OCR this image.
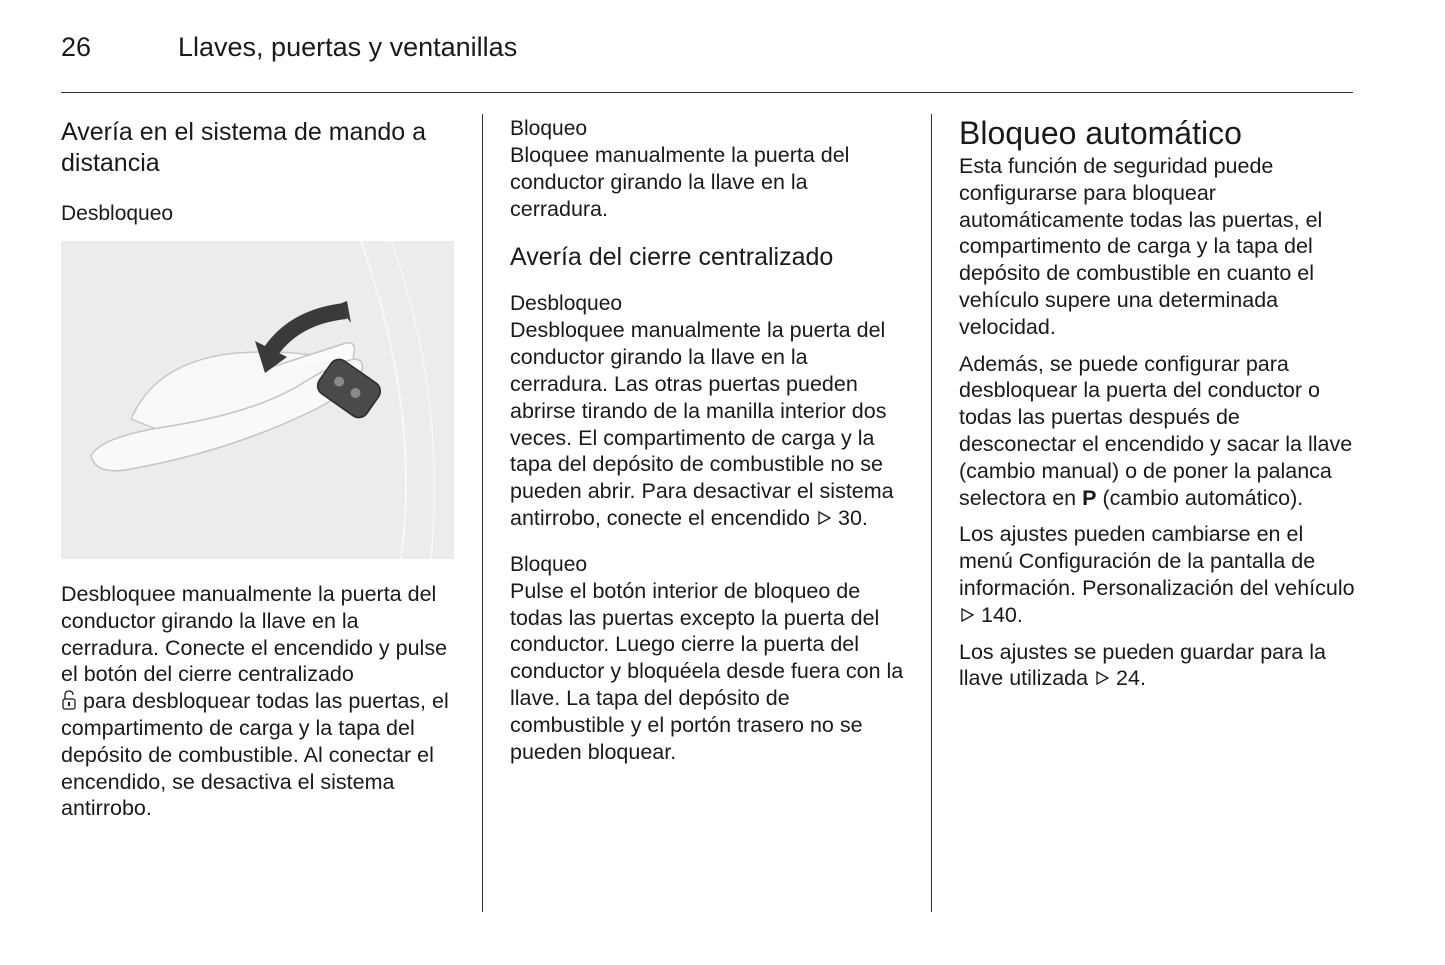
26	Llaves, puertas y ventanillas
Avería en el sistema de mando a distancia
Desbloqueo

Desbloquee manualmente la puerta del conductor girando la llave en la cerradura. Conecte el encendido y pulse el botón del cierre centralizado
para desbloquear todas las puertas, el compartimento de carga y la tapa del depósito de combustible. Al conectar el encendido, se desactiva el sistema antirrobo.

Bloqueo

Bloquee manualmente la puerta del conductor girando la llave en la cerradura.

Avería del cierre centralizado
Desbloqueo

Desbloquee manualmente la puerta del conductor girando la llave en la cerradura. Las otras puertas pueden abrirse tirando de la manilla interior dos veces. El compartimento de carga y la tapa del depósito de combustible no se pueden abrir. Para desactivar el sistema antirrobo, conecte el encendido 30.

Bloqueo

Pulse el botón interior de bloqueo de todas las puertas excepto la puerta del conductor. Luego cierre la puerta del conductor y bloquéela desde fuera con la llave. La tapa del depósito de combustible y el portón trasero no se pueden bloquear.

Bloqueo automático

Esta función de seguridad puede configurarse para bloquear automáticamente todas las puertas, el compartimento de carga y la tapa del depósito de combustible en cuanto el vehículo supere una determinada velocidad.

Además, se puede configurar para desbloquear la puerta del conductor o todas las puertas después de desconectar el encendido y sacar la llave (cambio manual) o de poner la palanca selectora en P (cambio automático).

Los ajustes pueden cambiarse en el menú Configuración de la pantalla de información. Personalización del vehículo  140.

Los ajustes se pueden guardar para la llave utilizada 24.
